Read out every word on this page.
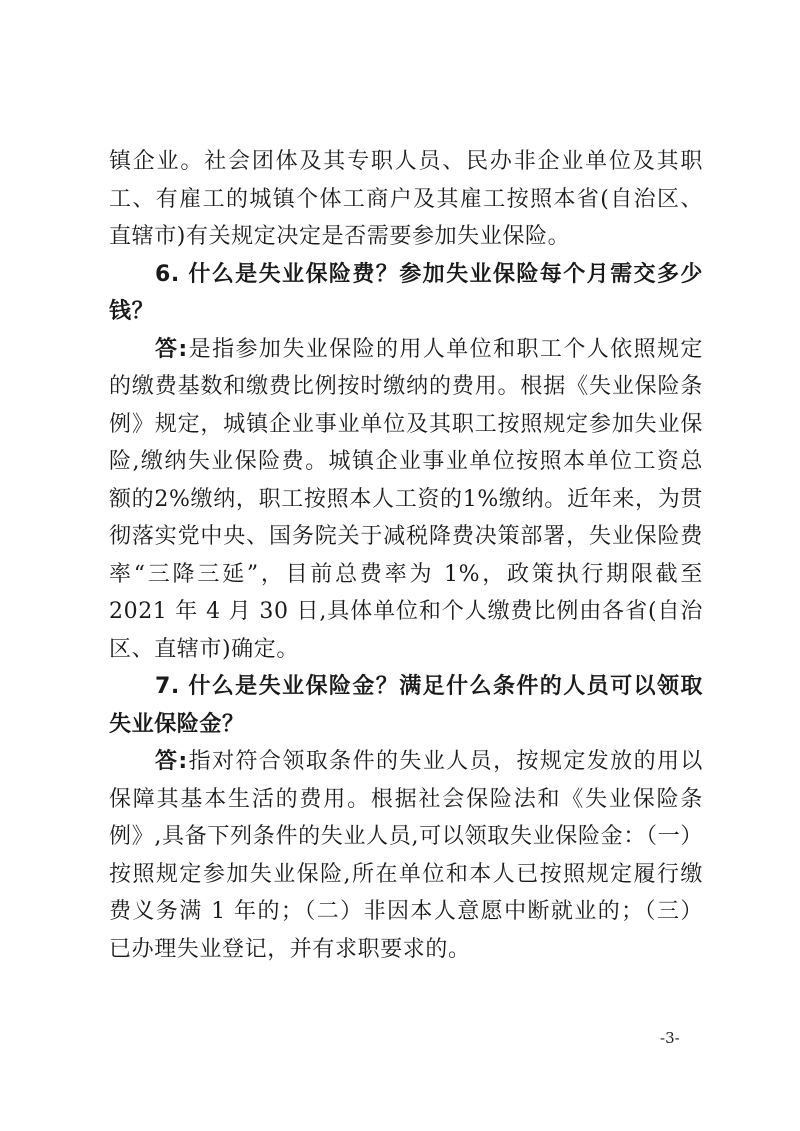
镇企业。社会团体及其专职人员、民办非企业单位及其职工、有雇工的城镇个体工商户及其雇工按照本省(自治区、直辖市)有关规定决定是否需要参加失业保险。

6. 什么是失业保险费？参加失业保险每个月需交多少钱？

答:是指参加失业保险的用人单位和职工个人依照规定的缴费基数和缴费比例按时缴纳的费用。根据《失业保险条例》规定，城镇企业事业单位及其职工按照规定参加失业保险,缴纳失业保险费。城镇企业事业单位按照本单位工资总额的2%缴纳，职工按照本人工资的1%缴纳。近年来，为贯彻落实党中央、国务院关于减税降费决策部署，失业保险费率“三降三延”，目前总费率为 1%，政策执行期限截至 2021 年 4 月 30 日,具体单位和个人缴费比例由各省(自治区、直辖市)确定。

7. 什么是失业保险金？满足什么条件的人员可以领取失业保险金？

答:指对符合领取条件的失业人员，按规定发放的用以保障其基本生活的费用。根据社会保险法和《失业保险条例》,具备下列条件的失业人员,可以领取失业保险金：（一）按照规定参加失业保险,所在单位和本人已按照规定履行缴费义务满 1 年的；（二）非因本人意愿中断就业的；（三）已办理失业登记，并有求职要求的。

-3-
